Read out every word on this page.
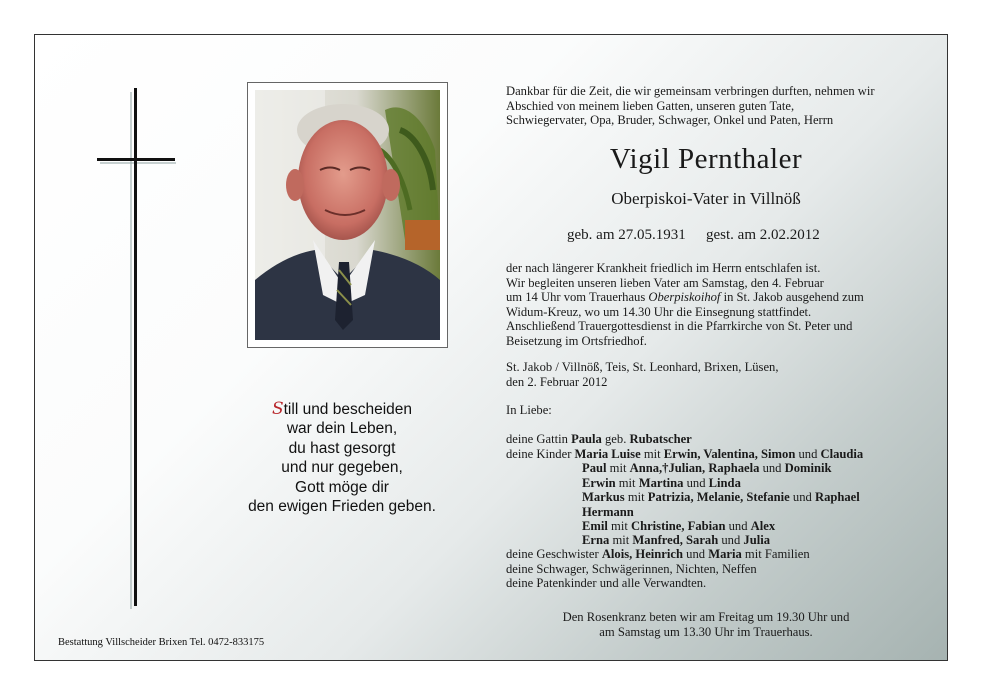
Still und bescheiden
war dein Leben,
du hast gesorgt
und nur gegeben,
Gott möge dir
den ewigen Frieden geben.
Bestattung Villscheider Brixen Tel. 0472-833175
Dankbar für die Zeit, die wir gemeinsam verbringen durften, nehmen wir
Abschied von meinem lieben Gatten, unseren guten Tate,
Schwiegervater, Opa, Bruder, Schwager, Onkel und Paten, Herrn
Vigil Pernthaler
Oberpiskoi-Vater in Villnöß
geb. am 27.05.1931 gest. am 2.02.2012
der nach längerer Krankheit friedlich im Herrn entschlafen ist.
Wir begleiten unseren lieben Vater am Samstag, den 4. Februar
um 14 Uhr vom Trauerhaus Oberpiskoihof in St. Jakob ausgehend zum
Widum-Kreuz, wo um 14.30 Uhr die Einsegnung stattfindet.
Anschließend Trauergottesdienst in die Pfarrkirche von St. Peter und
Beisetzung im Ortsfriedhof.
St. Jakob / Villnöß, Teis, St. Leonhard, Brixen, Lüsen,
den 2. Februar 2012
In Liebe:
deine Gattin Paula geb. Rubatscher
deine Kinder Maria Luise mit Erwin, Valentina, Simon und Claudia
Paul mit Anna,†Julian, Raphaela und Dominik
Erwin mit Martina und Linda
Markus mit Patrizia, Melanie, Stefanie und Raphael
Hermann
Emil mit Christine, Fabian und Alex
Erna mit Manfred, Sarah und Julia
deine Geschwister Alois, Heinrich und Maria mit Familien
deine Schwager, Schwägerinnen, Nichten, Neffen
deine Patenkinder und alle Verwandten.
Den Rosenkranz beten wir am Freitag um 19.30 Uhr und
am Samstag um 13.30 Uhr im Trauerhaus.
